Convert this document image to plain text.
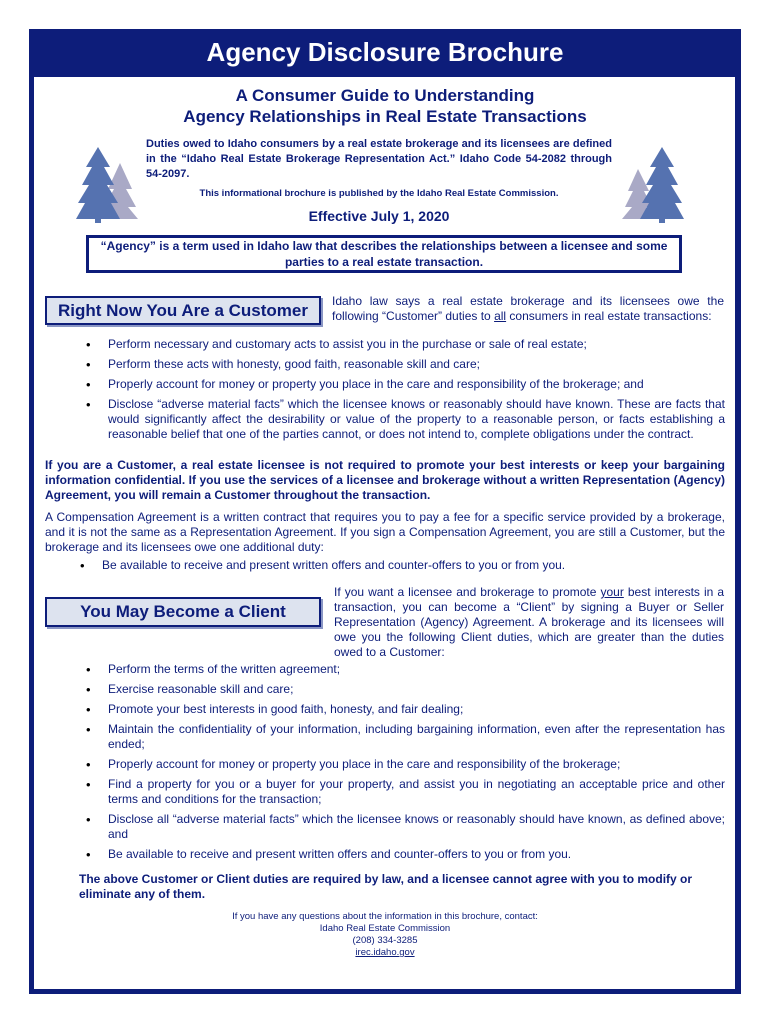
Agency Disclosure Brochure
A Consumer Guide to Understanding
Agency Relationships in Real Estate Transactions
Duties owed to Idaho consumers by a real estate brokerage and its licensees are defined in the “Idaho Real Estate Brokerage Representation Act.” Idaho Code 54-2082 through 54-2097.
This informational brochure is published by the Idaho Real Estate Commission.
Effective July 1, 2020
“Agency” is a term used in Idaho law that describes the relationships between a licensee and some parties to a real estate transaction.
Right Now You Are a Customer Idaho law says a real estate brokerage and its licensees owe the following “Customer” duties to all consumers in real estate transactions:
• Perform necessary and customary acts to assist you in the purchase or sale of real estate;
• Perform these acts with honesty, good faith, reasonable skill and care;
• Properly account for money or property you place in the care and responsibility of the brokerage; and
• Disclose “adverse material facts” which the licensee knows or reasonably should have known. These are facts that would significantly affect the desirability or value of the property to a reasonable person, or facts establishing a reasonable belief that one of the parties cannot, or does not intend to, complete obligations under the contract.
If you are a Customer, a real estate licensee is not required to promote your best interests or keep your bargaining information confidential. If you use the services of a licensee and brokerage without a written Representation (Agency) Agreement, you will remain a Customer throughout the transaction.
A Compensation Agreement is a written contract that requires you to pay a fee for a specific service provided by a brokerage, and it is not the same as a Representation Agreement. If you sign a Compensation Agreement, you are still a Customer, but the brokerage and its licensees owe one additional duty:
• Be available to receive and present written offers and counter-offers to you or from you.
You May Become a Client
If you want a licensee and brokerage to promote your best interests in a transaction, you can become a “Client” by signing a Buyer or Seller Representation (Agency) Agreement. A brokerage and its licensees will owe you the following Client duties, which are greater than the duties owed to a Customer:
• Perform the terms of the written agreement;
• Exercise reasonable skill and care;
• Promote your best interests in good faith, honesty, and fair dealing;
• Maintain the confidentiality of your information, including bargaining information, even after the representation has ended;
• Properly account for money or property you place in the care and responsibility of the brokerage;
• Find a property for you or a buyer for your property, and assist you in negotiating an acceptable price and other terms and conditions for the transaction;
• Disclose all “adverse material facts” which the licensee knows or reasonably should have known, as defined above; and
• Be available to receive and present written offers and counter-offers to you or from you.
The above Customer or Client duties are required by law, and a licensee cannot agree with you to modify or eliminate any of them.
If you have any questions about the information in this brochure, contact:
Idaho Real Estate Commission
(208) 334-3285
irec.idaho.gov
